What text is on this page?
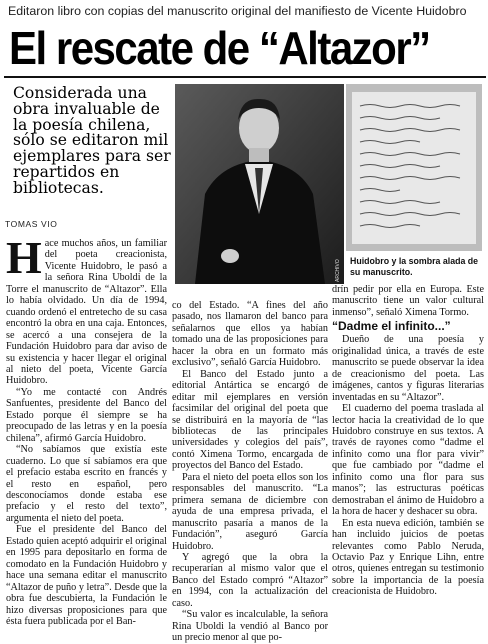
Editaron libro con copias del manuscrito original del manifiesto de Vicente Huidobro
El rescate de “Altazor”
Considerada una obra invaluable de la poesía chilena, sólo se editaron mil ejemplares para ser repartidos en bibliotecas.
TOMAS VIO
ARCHIVO Huidobro y la sombra alada de su manuscrito.

Hace muchos años, un familiar del poeta creacionista, Vicente Huidobro, le pasó a la señora Rina Uboldi de la Torre el manuscrito de “Altazor”. Ella lo había olvidado. Un día de 1994, cuando ordenó el entretecho de su casa encontró la obra en una caja. Entonces, se acercó a una consejera de la Fundación Huidobro para dar aviso de su existencia y hacer llegar el original al nieto del poeta, Vicente García Huidobro.

“Yo me contacté con Andrés Sanfuentes, presidente del Banco del Estado porque él siempre se ha preocupado de las letras y en la poesía chilena”, afirmó García Huidobro.

“No sabíamos que existía este cuaderno. Lo que sí sabíamos era que el prefacio estaba escrito en francés y el resto en español, pero desconocíamos donde estaba ese prefacio y el resto del texto”, argumenta el nieto del poeta.

Fue el presidente del Banco del Estado quien aceptó adquirir el original en 1995 para depositarlo en forma de comodato en la Fundación Huidobro y hace una semana editar el manuscrito “Altazor de puño y letra”. Desde que la obra fue descubierta, la Fundación le hizo diversas proposiciones para que ésta fuera publicada por el Ban-

co del Estado. “A fines del año pasado, nos llamaron del banco para señalarnos que ellos ya habían tomado una de las proposiciones para hacer la obra en un formato más exclusivo”, señaló García Huidobro.

El Banco del Estado junto a editorial Antártica se encargó de editar mil ejemplares en versión facsimilar del original del poeta que se distribuirá en la mayoría de “las bibliotecas de las principales universidades y colegios del país”, contó Ximena Tormo, encargada de proyectos del Banco del Estado.

Para el nieto del poeta ellos son los responsables del manuscrito. “La primera semana de diciembre con ayuda de una empresa privada, el manuscrito pasaría a manos de la Fundación”, aseguró García Huidobro.

Y agregó que la obra la recuperarían al mismo valor que el Banco del Estado compró “Altazor” en 1994, con la actualización del caso.

“Su valor es incalculable, la señora Rina Uboldi la vendió al Banco por un precio menor al que po-

drín pedir por ella en Europa. Este manuscrito tiene un valor cultural inmenso”, señaló Ximena Tormo.

“Dadme el infinito...”

Dueño de una poesía y originalidad única, a través de este manuscrito se puede observar la idea de creacionismo del poeta. Las imágenes, cantos y figuras literarias inventadas en su “Altazor”.

El cuaderno del poema traslada al lector hacia la creatividad de lo que Huidobro construye en sus textos. A través de rayones como “dadme el infinito como una flor para vivir” que fue cambiado por “dadme el infinito como una flor para sus manos”; las estructuras poéticas demostraban el ánimo de Huidobro a la hora de hacer y deshacer su obra.

En esta nueva edición, también se han incluido juicios de poetas relevantes como Pablo Neruda, Octavio Paz y Enrique Lihn, entre otros, quienes entregan su testimonio sobre la importancia de la poesía creacionista de Huidobro.
